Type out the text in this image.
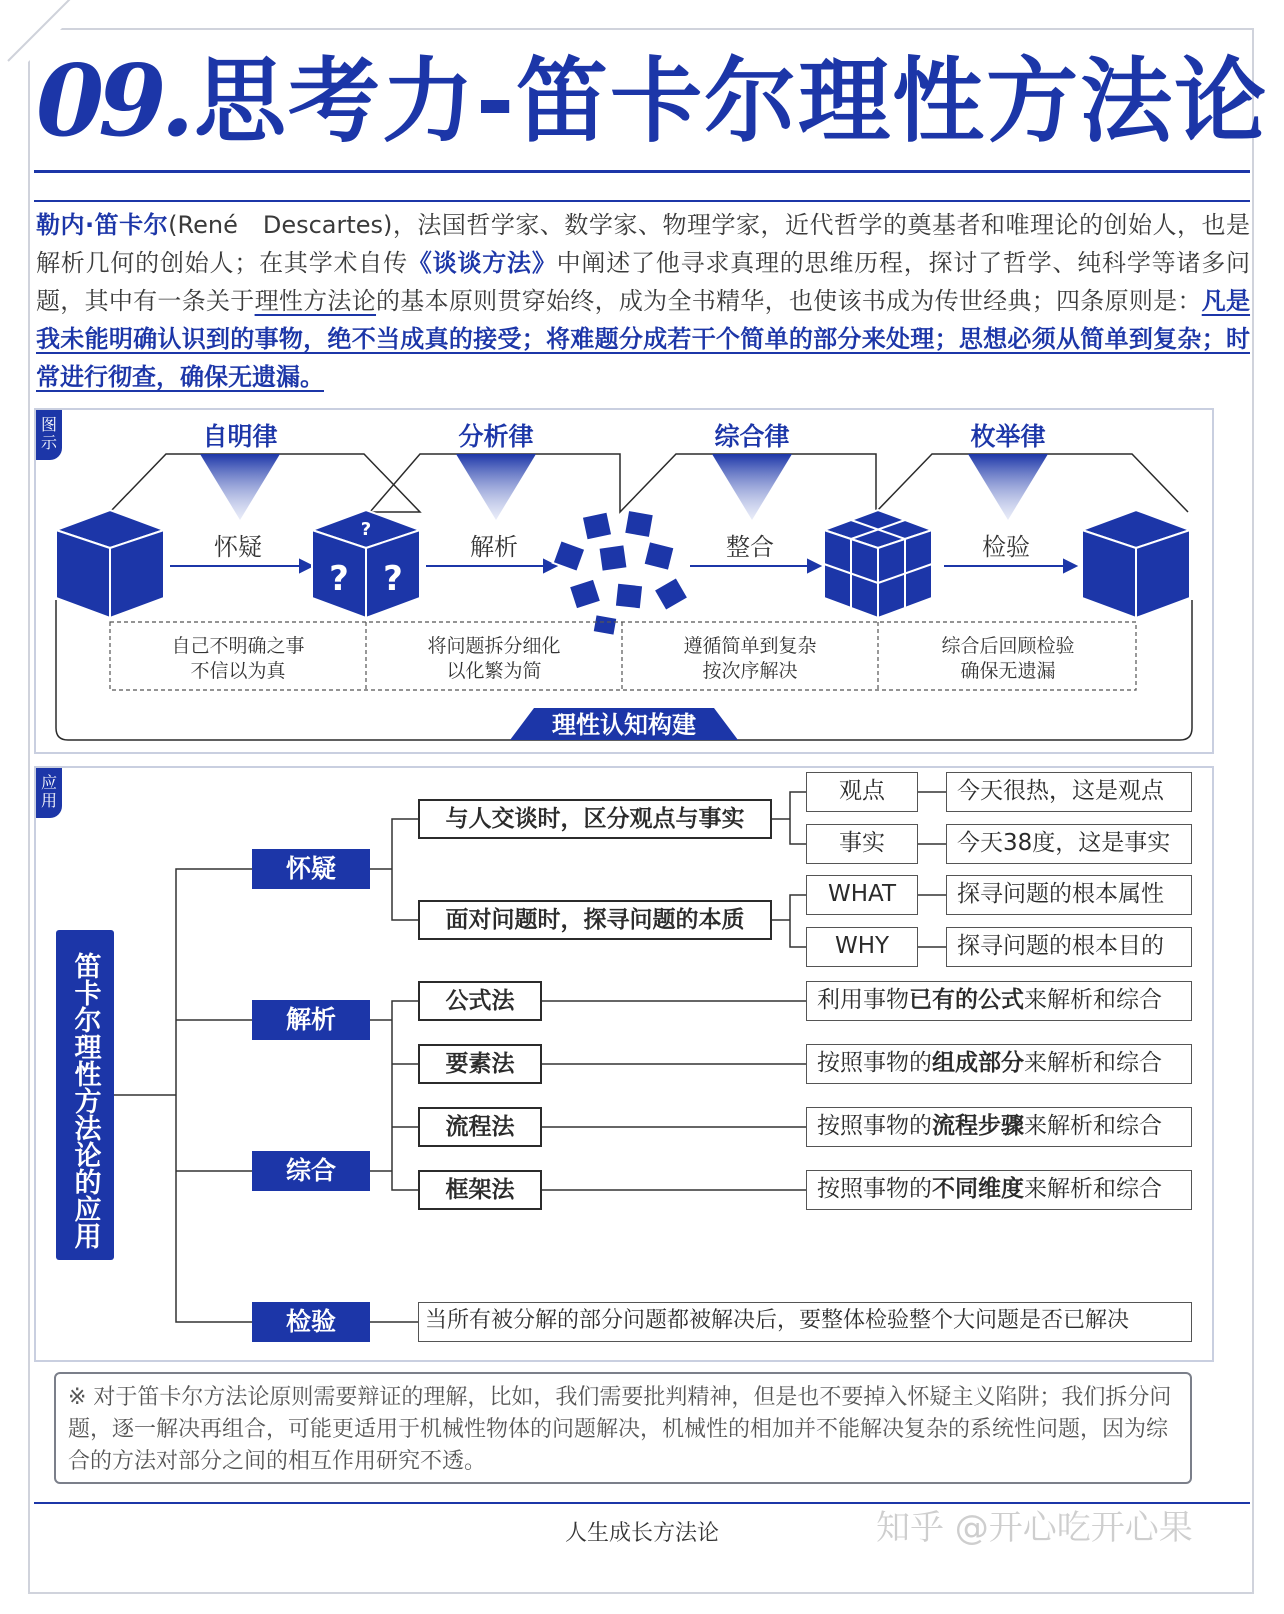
09. 思考力-笛卡尔理性方法论
勒内·笛卡尔(René　Descartes)，法国哲学家、数学家、物理学家，近代哲学的奠基者和唯理论的创始人，也是解析几何的创始人；在其学术自传《谈谈方法》中阐述了他寻求真理的思维历程，探讨了哲学、纯科学等诸多问题，其中有一条关于理性方法论的基本原则贯穿始终，成为全书精华，也使该书成为传世经典；四条原则是：凡是我未能明确认识到的事物，绝不当成真的接受；将难题分成若干个简单的部分来处理；思想必须从简单到复杂；时常进行彻查，确保无遗漏。
图示	自明律	分析律	综合律	枚举律
怀疑	解析	整合	检验
?
? ?
自己不明确之事
不信以为真
将问题拆分细化
以化繁为简
遵循简单到复杂
按次序解决
综合后回顾检验
确保无遗漏
理性认知构建
应用
笛卡尔理性方法论的应用
怀疑
解析
综合
检验
与人交谈时，区分观点与事实
面对问题时，探寻问题的本质
观点
事实
WHAT
WHY
今天很热，这是观点
今天38度，这是事实
探寻问题的根本属性
探寻问题的根本目的
公式法
要素法
流程法
框架法
利用事物已有的公式来解析和综合
按照事物的组成部分来解析和综合
按照事物的流程步骤来解析和综合
按照事物的不同维度来解析和综合
当所有被分解的部分问题都被解决后，要整体检验整个大问题是否已解决
※ 对于笛卡尔方法论原则需要辩证的理解，比如，我们需要批判精神，但是也不要掉入怀疑主义陷阱；我们拆分问题，逐一解决再组合，可能更适用于机械性物体的问题解决，机械性的相加并不能解决复杂的系统性问题，因为综合的方法对部分之间的相互作用研究不透。
人生成长方法论	知乎 @开心吃开心果
